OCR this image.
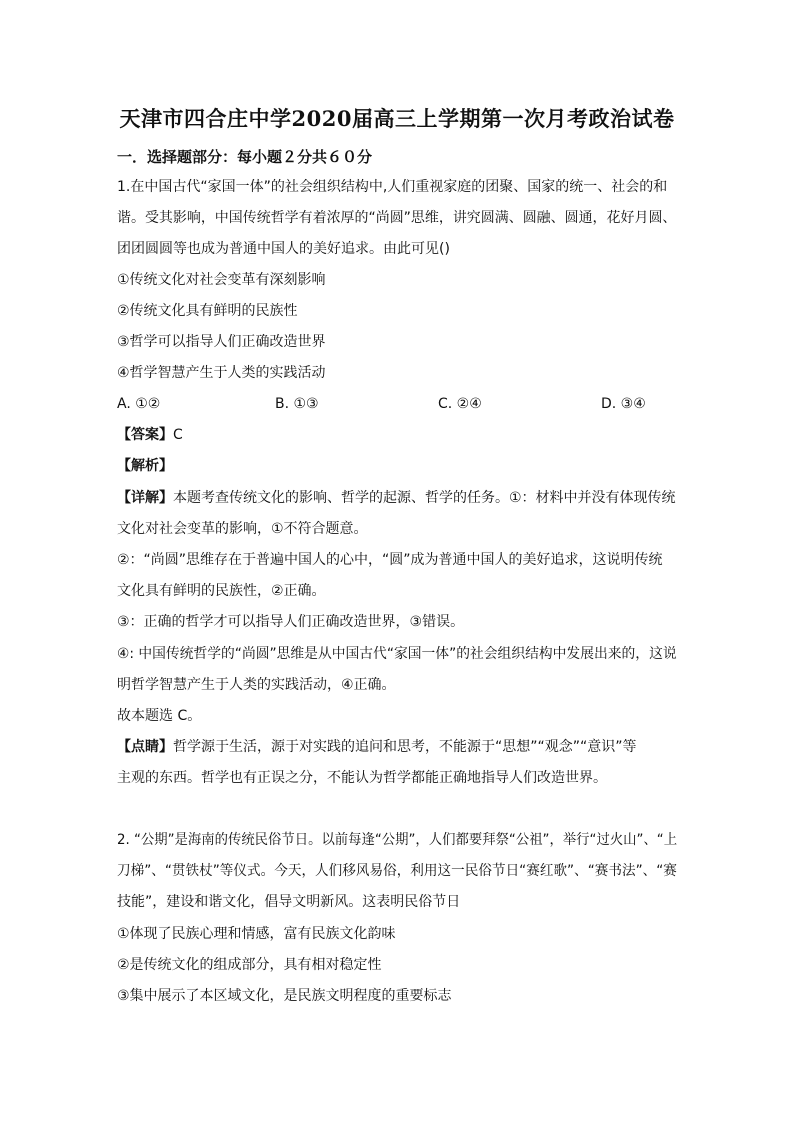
天津市四合庄中学2020届高三上学期第一次月考政治试卷
一．选择题部分：每小题２分共６０分
1.在中国古代“家国一体”的社会组织结构中,人们重视家庭的团聚、国家的统一、社会的和
谐。受其影响，中国传统哲学有着浓厚的“尚圆”思维，讲究圆满、圆融、圆通，花好月圆、
团团圆圆等也成为普通中国人的美好追求。由此可见()
①传统文化对社会变革有深刻影响
②传统文化具有鲜明的民族性
③哲学可以指导人们正确改造世界
④哲学智慧产生于人类的实践活动
A. ①②	B. ①③	C. ②④	D. ③④
【答案】C
【解析】
【详解】本题考查传统文化的影响、哲学的起源、哲学的任务。①：材料中并没有体现传统
文化对社会变革的影响，①不符合题意。
②：“尚圆”思维存在于普遍中国人的心中，“圆”成为普通中国人的美好追求，这说明传统
文化具有鲜明的民族性，②正确。
③：正确的哲学才可以指导人们正确改造世界，③错误。
④: 中国传统哲学的“尚圆”思维是从中国古代“家国一体”的社会组织结构中发展出来的，这说
明哲学智慧产生于人类的实践活动，④正确。
故本题选 C。
【点睛】哲学源于生活，源于对实践的追问和思考，不能源于“思想”“观念”“意识”等
主观的东西。哲学也有正误之分，不能认为哲学都能正确地指导人们改造世界。
2. “公期”是海南的传统民俗节日。以前每逢“公期”，人们都要拜祭“公祖”，举行“过火山”、“上
刀梯”、“贯铁杖”等仪式。今天，人们移风易俗，利用这一民俗节日“赛红歌”、“赛书法”、“赛
技能”，建设和谐文化，倡导文明新风。这表明民俗节日
①体现了民族心理和情感，富有民族文化韵味
②是传统文化的组成部分，具有相对稳定性
③集中展示了本区域文化，是民族文明程度的重要标志
